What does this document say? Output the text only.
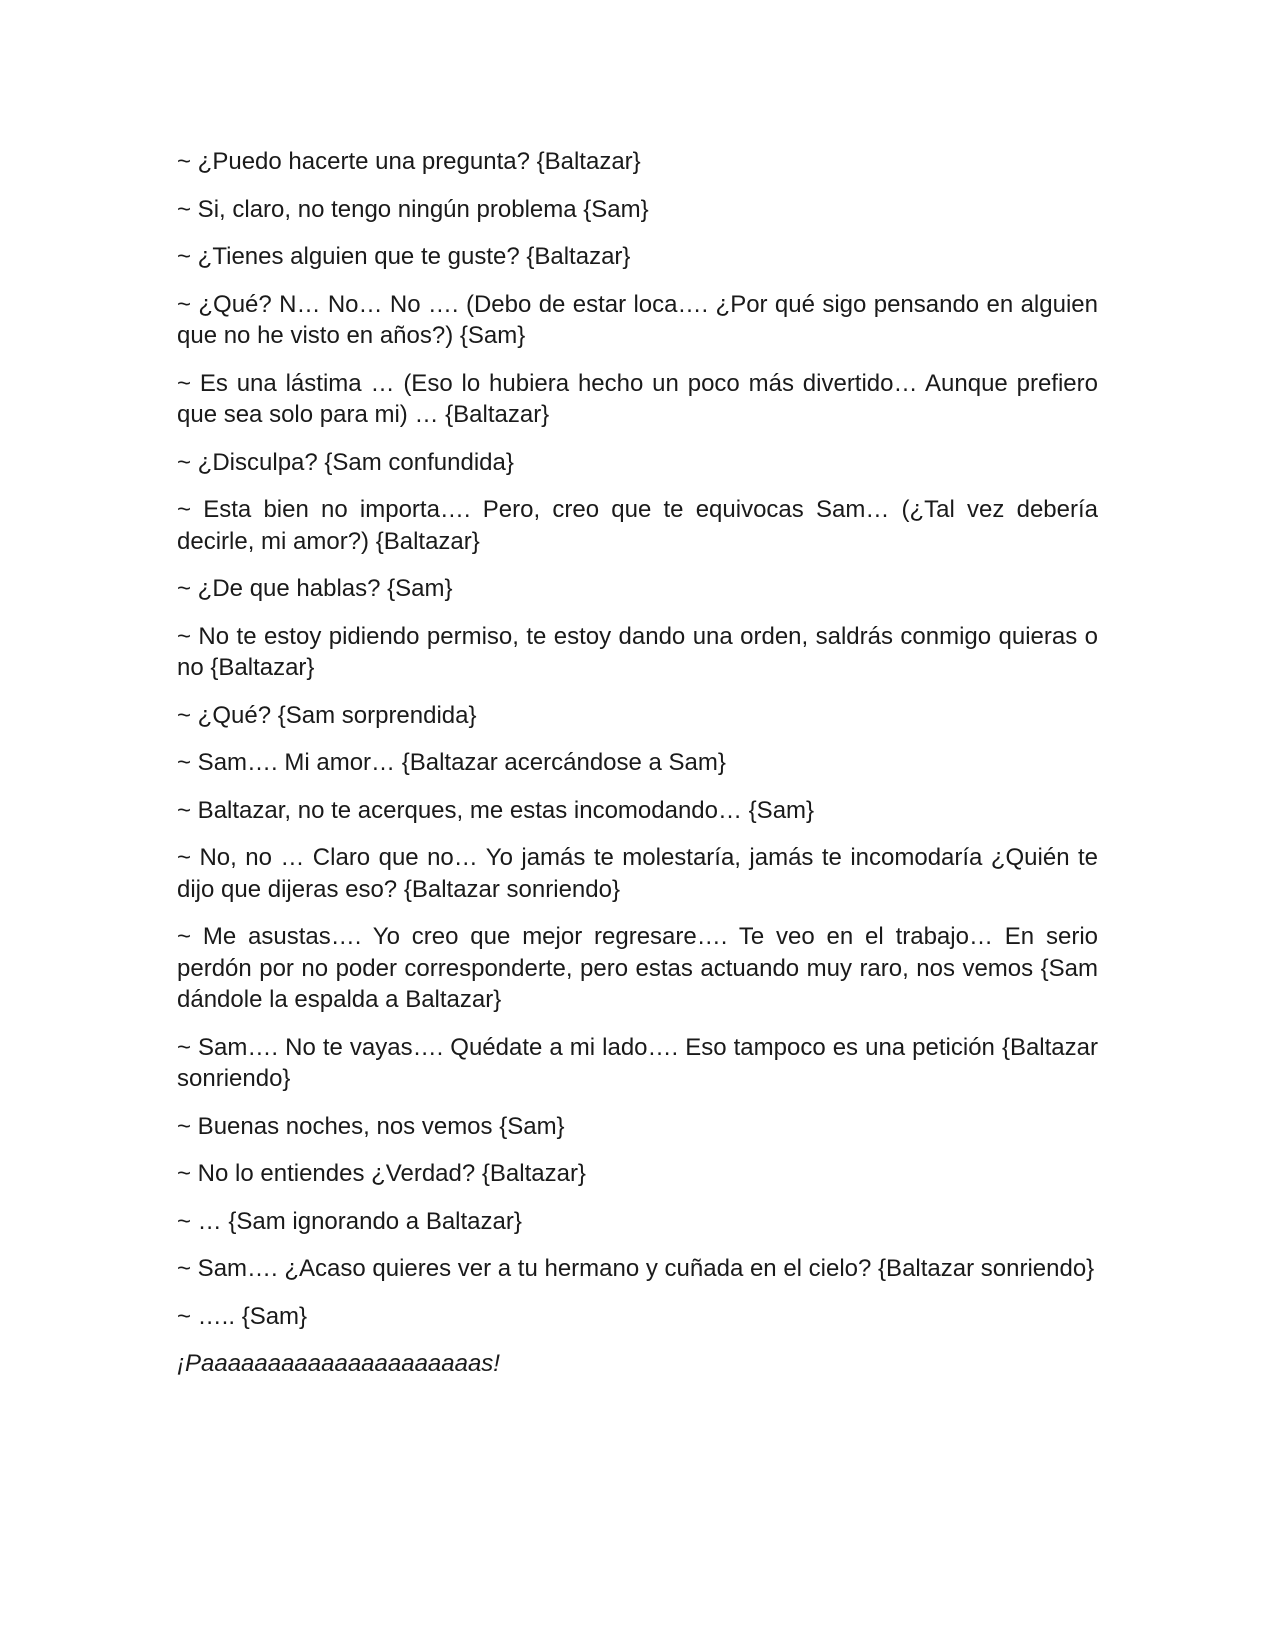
~ ¿Puedo hacerte una pregunta? {Baltazar}

~ Si, claro, no tengo ningún problema {Sam}

~ ¿Tienes alguien que te guste? {Baltazar}

~ ¿Qué? N… No… No …. (Debo de estar loca…. ¿Por qué sigo pensando en alguien que no he visto en años?) {Sam}

~ Es una lástima … (Eso lo hubiera hecho un poco más divertido… Aunque prefiero que sea solo para mi) … {Baltazar}

~ ¿Disculpa? {Sam confundida}

~ Esta bien no importa…. Pero, creo que te equivocas Sam… (¿Tal vez debería decirle, mi amor?) {Baltazar}

~ ¿De que hablas? {Sam}

~ No te estoy pidiendo permiso, te estoy dando una orden, saldrás conmigo quieras o no {Baltazar}

~ ¿Qué? {Sam sorprendida}

~ Sam…. Mi amor… {Baltazar acercándose a Sam}

~ Baltazar, no te acerques, me estas incomodando… {Sam}

~ No, no … Claro que no… Yo jamás te molestaría, jamás te incomodaría ¿Quién te dijo que dijeras eso? {Baltazar sonriendo}

~ Me asustas…. Yo creo que mejor regresare…. Te veo en el trabajo… En serio perdón por no poder corresponderte, pero estas actuando muy raro, nos vemos {Sam dándole la espalda a Baltazar}

~ Sam…. No te vayas…. Quédate a mi lado…. Eso tampoco es una petición {Baltazar sonriendo}

~ Buenas noches, nos vemos {Sam}

~ No lo entiendes ¿Verdad? {Baltazar}

~ … {Sam ignorando a Baltazar}

~ Sam…. ¿Acaso quieres ver a tu hermano y cuñada en el cielo? {Baltazar sonriendo}

~ ….. {Sam}

¡Paaaaaaaaaaaaaaaaaaaaas!
